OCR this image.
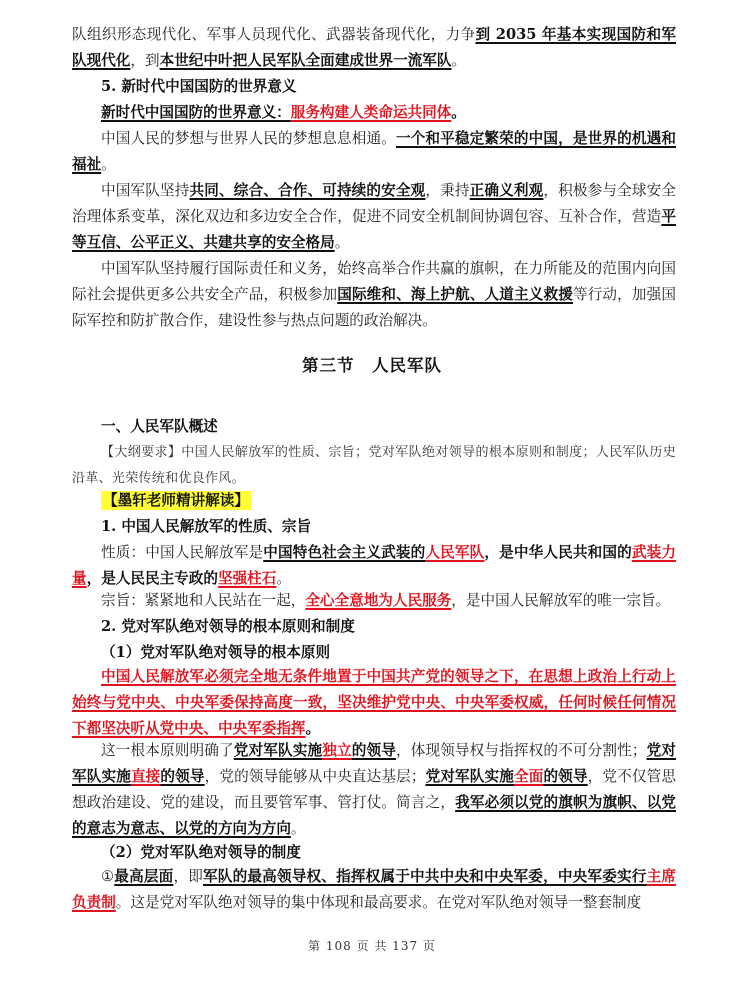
队组织形态现代化、军事人员现代化、武器装备现代化，力争到 2035 年基本实现国防和军队现代化，到本世纪中叶把人民军队全面建成世界一流军队。

5. 新时代中国国防的世界意义

新时代中国国防的世界意义：服务构建人类命运共同体。

中国人民的梦想与世界人民的梦想息息相通。一个和平稳定繁荣的中国，是世界的机遇和福祉。

中国军队坚持共同、综合、合作、可持续的安全观，秉持正确义利观，积极参与全球安全治理体系变革，深化双边和多边安全合作，促进不同安全机制间协调包容、互补合作，营造平等互信、公平正义、共建共享的安全格局。

中国军队坚持履行国际责任和义务，始终高举合作共赢的旗帜，在力所能及的范围内向国际社会提供更多公共安全产品，积极参加国际维和、海上护航、人道主义救援等行动，加强国际军控和防扩散合作，建设性参与热点问题的政治解决。

第三节　人民军队

一、人民军队概述

【大纲要求】中国人民解放军的性质、宗旨；党对军队绝对领导的根本原则和制度；人民军队历史沿革、光荣传统和优良作风。

【墨轩老师精讲解读】

1. 中国人民解放军的性质、宗旨

性质：中国人民解放军是中国特色社会主义武装的人民军队，是中华人民共和国的武装力量，是人民民主专政的坚强柱石。

宗旨：紧紧地和人民站在一起，全心全意地为人民服务，是中国人民解放军的唯一宗旨。

2. 党对军队绝对领导的根本原则和制度

（1）党对军队绝对领导的根本原则

中国人民解放军必须完全地无条件地置于中国共产党的领导之下，在思想上政治上行动上始终与党中央、中央军委保持高度一致，坚决维护党中央、中央军委权威，任何时候任何情况下都坚决听从党中央、中央军委指挥。

这一根本原则明确了党对军队实施独立的领导，体现领导权与指挥权的不可分割性；党对军队实施直接的领导，党的领导能够从中央直达基层；党对军队实施全面的领导，党不仅管思想政治建设、党的建设，而且要管军事、管打仗。简言之，我军必须以党的旗帜为旗帜、以党的意志为意志、以党的方向为方向。

（2）党对军队绝对领导的制度

①最高层面，即军队的最高领导权、指挥权属于中共中央和中央军委，中央军委实行主席负责制。这是党对军队绝对领导的集中体现和最高要求。在党对军队绝对领导一整套制度

第 108 页 共 137 页
